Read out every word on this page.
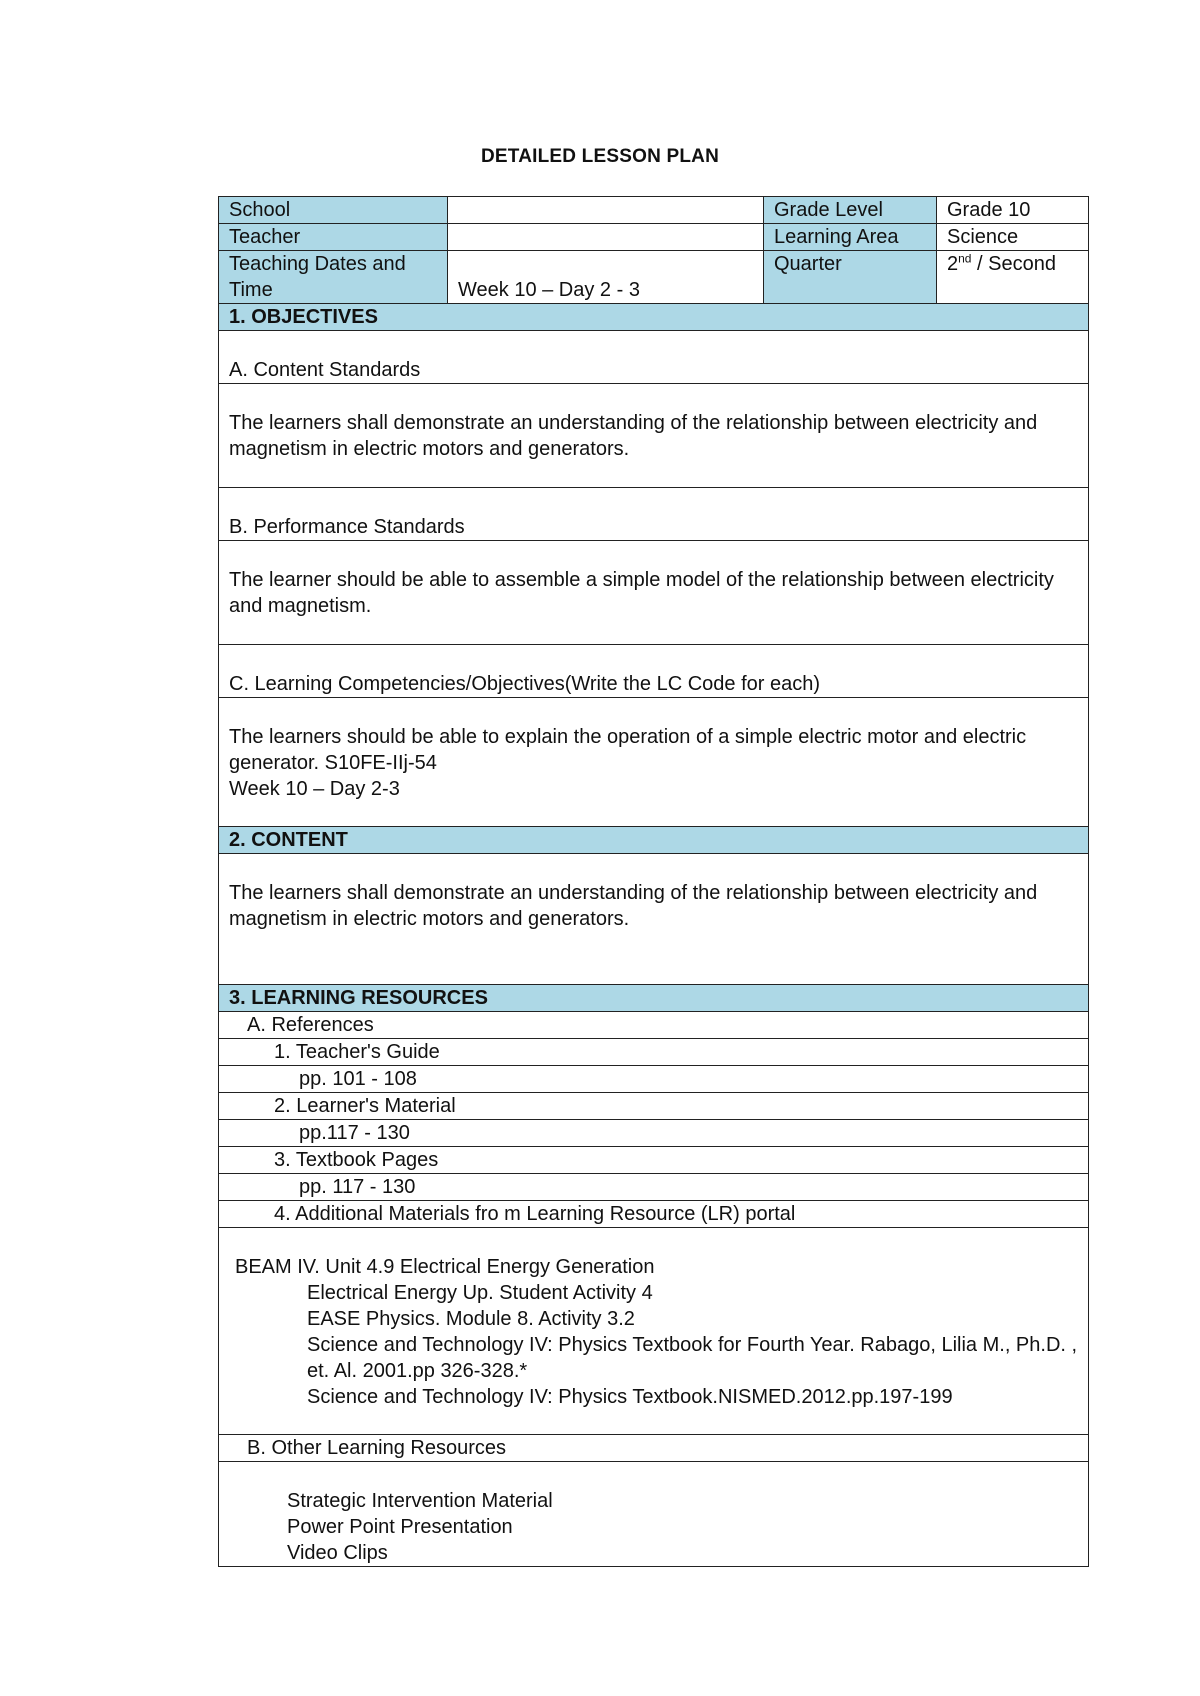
DETAILED LESSON PLAN
School		Grade Level	Grade 10
Teacher		Learning Area	Science
Teaching Dates and Time	Week 10 – Day 2 - 3	Quarter	2nd / Second
1. OBJECTIVES			
A. Content Standards			
The learners shall demonstrate an understanding of the relationship between electricity and magnetism in electric motors and generators.			
B. Performance Standards			
The learner should be able to assemble a simple model of the relationship between electricity and magnetism.			
C. Learning Competencies/Objectives(Write the LC Code for each)			

The learners should be able to explain the operation of a simple electric motor and electric generator. S10FE-IIj-54
Week 10 – Day 2-3			

2. CONTENT			
The learners shall demonstrate an understanding of the relationship between electricity and magnetism in electric motors and generators.			
3. LEARNING RESOURCES			
A. References			
1. Teacher's Guide			
pp. 101 - 108			
2. Learner's Material			
pp.117 - 130			
3. Textbook Pages			
pp. 117 - 130			
4. Additional Materials fro m Learning Resource (LR) portal			

BEAM IV. Unit 4.9 Electrical Energy Generation
Electrical Energy Up. Student Activity 4
EASE Physics. Module 8. Activity 3.2
Science and Technology IV: Physics Textbook for Fourth Year. Rabago, Lilia M., Ph.D. , et. Al. 2001.pp 326-328.*
Science and Technology IV: Physics Textbook.NISMED.2012.pp.197-199			

B. Other Learning Resources			

Strategic Intervention Material
Power Point Presentation
Video Clips			
